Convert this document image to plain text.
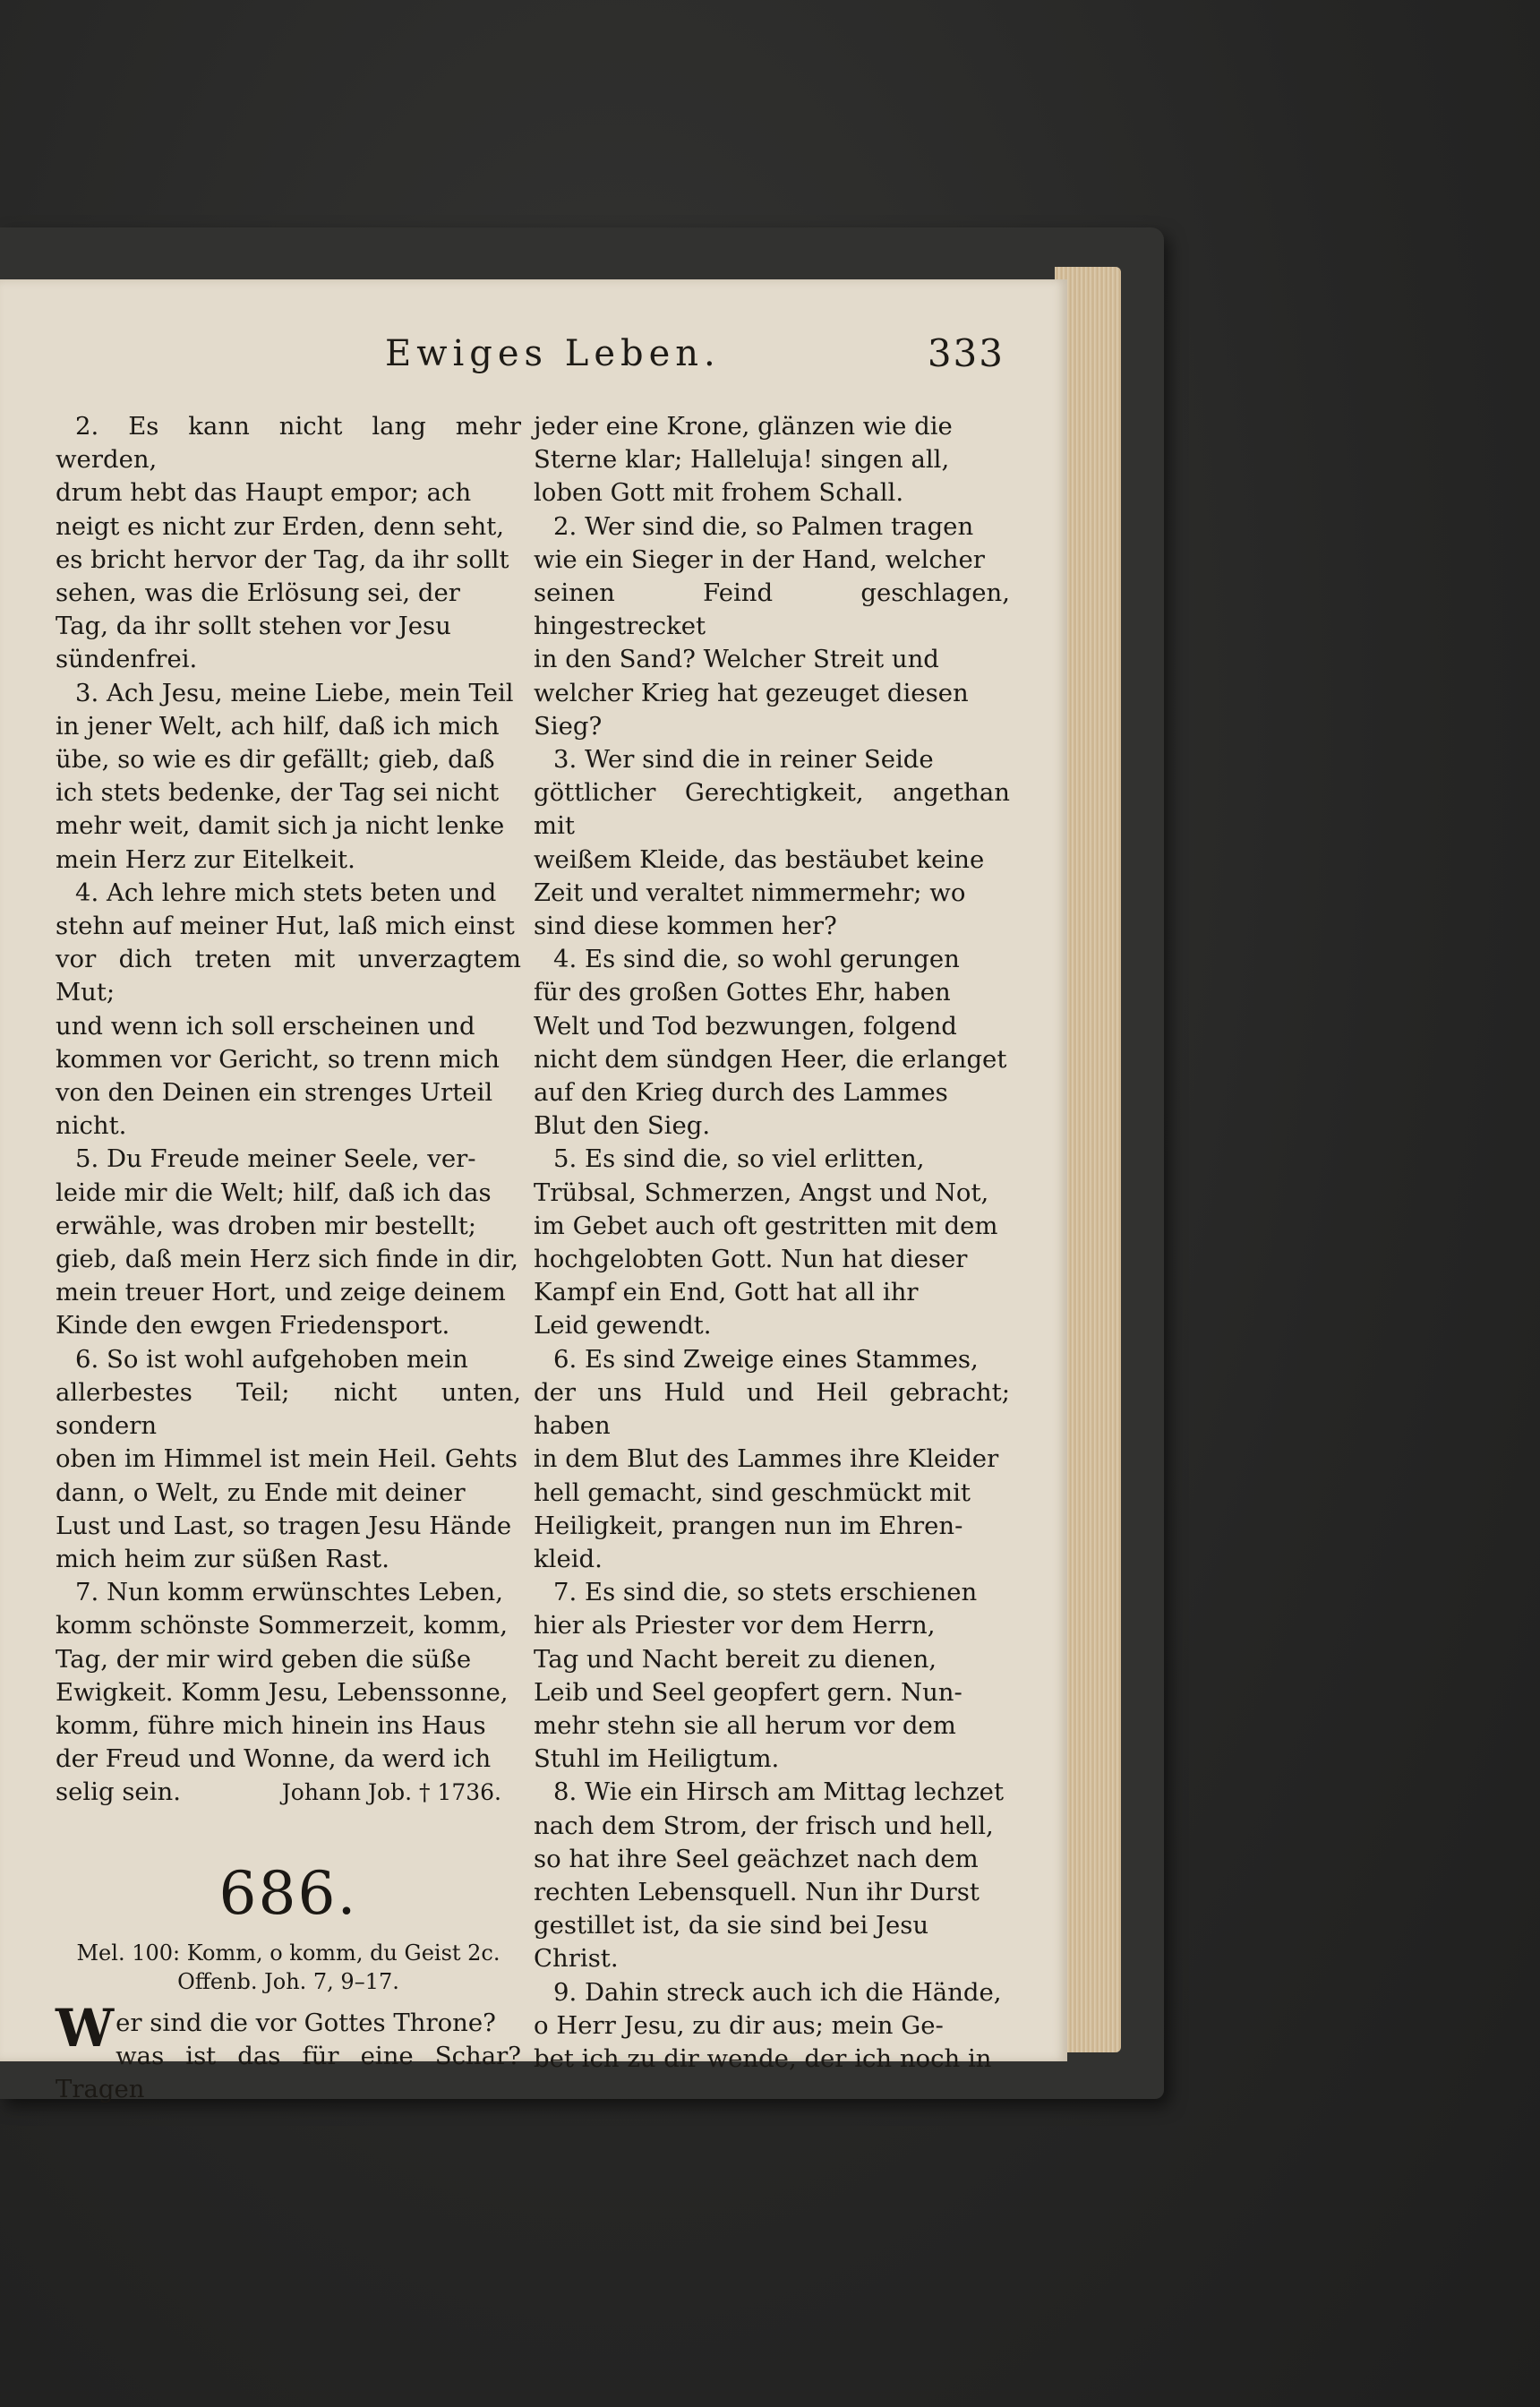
Ewiges Leben.	333

2. Es kann nicht lang mehr werden,

drum hebt das Haupt empor; ach

neigt es nicht zur Erden, denn seht,

es bricht hervor der Tag, da ihr sollt

sehen, was die Erlösung sei, der

Tag, da ihr sollt stehen vor Jesu

sündenfrei.

3. Ach Jesu, meine Liebe, mein Teil

in jener Welt, ach hilf, daß ich mich

übe, so wie es dir gefällt; gieb, daß

ich stets bedenke, der Tag sei nicht

mehr weit, damit sich ja nicht lenke

mein Herz zur Eitelkeit.

4. Ach lehre mich stets beten und

stehn auf meiner Hut, laß mich einst

vor dich treten mit unverzagtem Mut;

und wenn ich soll erscheinen und

kommen vor Gericht, so trenn mich

von den Deinen ein strenges Urteil

nicht.

5. Du Freude meiner Seele, ver-

leide mir die Welt; hilf, daß ich das

erwähle, was droben mir bestellt;

gieb, daß mein Herz sich finde in dir,

mein treuer Hort, und zeige deinem

Kinde den ewgen Friedensport.

6. So ist wohl aufgehoben mein

allerbestes Teil; nicht unten, sondern

oben im Himmel ist mein Heil. Gehts

dann, o Welt, zu Ende mit deiner

Lust und Last, so tragen Jesu Hände

mich heim zur süßen Rast.

7. Nun komm erwünschtes Leben,

komm schönste Sommerzeit, komm,

Tag, der mir wird geben die süße

Ewigkeit. Komm Jesu, Lebenssonne,

komm, führe mich hinein ins Haus

der Freud und Wonne, da werd ich

selig sein.	Johann Job. † 1736.

686.

Mel. 100: Komm, o komm, du Geist 2c.

Offenb. Joh. 7, 9–17.

W er sind die vor Gottes Throne?

was ist das für eine Schar? Tragen

jeder eine Krone, glänzen wie die

Sterne klar; Halleluja! singen all,

loben Gott mit frohem Schall.

2. Wer sind die, so Palmen tragen

wie ein Sieger in der Hand, welcher

seinen Feind geschlagen, hingestrecket

in den Sand? Welcher Streit und

welcher Krieg hat gezeuget diesen

Sieg?

3. Wer sind die in reiner Seide

göttlicher Gerechtigkeit, angethan mit

weißem Kleide, das bestäubet keine

Zeit und veraltet nimmermehr; wo

sind diese kommen her?

4. Es sind die, so wohl gerungen

für des großen Gottes Ehr, haben

Welt und Tod bezwungen, folgend

nicht dem sündgen Heer, die erlanget

auf den Krieg durch des Lammes

Blut den Sieg.

5. Es sind die, so viel erlitten,

Trübsal, Schmerzen, Angst und Not,

im Gebet auch oft gestritten mit dem

hochgelobten Gott. Nun hat dieser

Kampf ein End, Gott hat all ihr

Leid gewendt.

6. Es sind Zweige eines Stammes,

der uns Huld und Heil gebracht; haben

in dem Blut des Lammes ihre Kleider

hell gemacht, sind geschmückt mit

Heiligkeit, prangen nun im Ehren-

kleid.

7. Es sind die, so stets erschienen

hier als Priester vor dem Herrn,

Tag und Nacht bereit zu dienen,

Leib und Seel geopfert gern. Nun-

mehr stehn sie all herum vor dem

Stuhl im Heiligtum.

8. Wie ein Hirsch am Mittag lechzet

nach dem Strom, der frisch und hell,

so hat ihre Seel geächzet nach dem

rechten Lebensquell. Nun ihr Durst

gestillet ist, da sie sind bei Jesu

Christ.

9. Dahin streck auch ich die Hände,

o Herr Jesu, zu dir aus; mein Ge-

bet ich zu dir wende, der ich noch in
